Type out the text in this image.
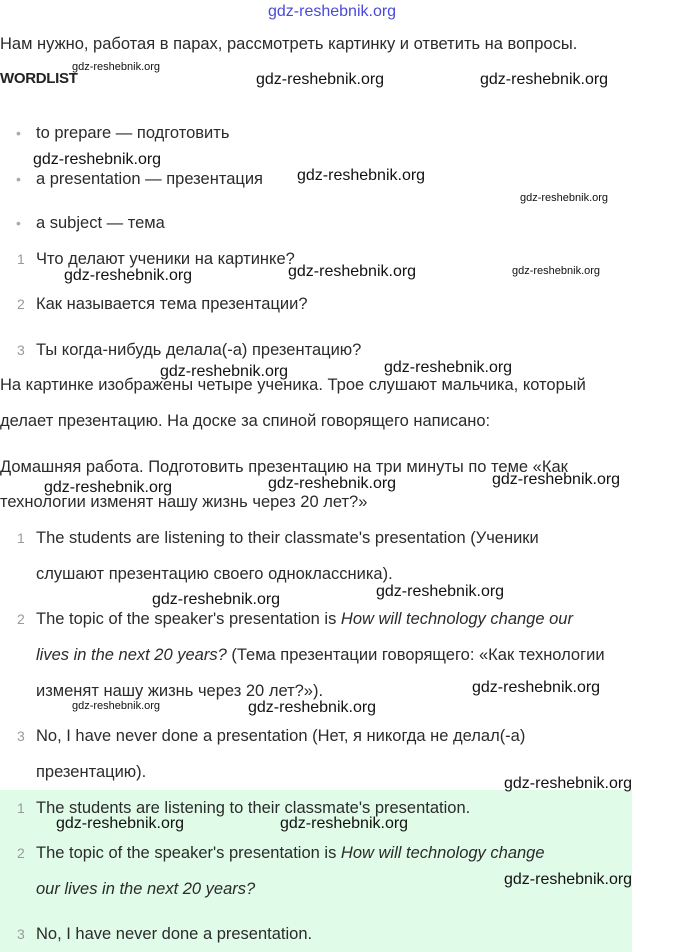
gdz-reshebnik.org
Нам нужно, работая в парах, рассмотреть картинку и ответить на вопросы.
WORDLIST
• to prepare — подготовить
• a presentation — презентация
• a subject — тема
1 Что делают ученики на картинке?
2 Как называется тема презентации?
3 Ты когда-нибудь делала(-а) презентацию?
На картинке изображены четыре ученика. Трое слушают мальчика, который
делает презентацию. На доске за спиной говорящего написано:
Домашняя работа. Подготовить презентацию на три минуты по теме «Как
технологии изменят нашу жизнь через 20 лет?»
1 The students are listening to their classmate's presentation (Ученики
слушают презентацию своего одноклассника).
2 The topic of the speaker's presentation is How will technology change our
lives in the next 20 years? (Тема презентации говорящего: «Как технологии
изменят нашу жизнь через 20 лет?»).
3 No, I have never done a presentation (Нет, я никогда не делал(-а)
презентацию).
1 The students are listening to their classmate's presentation.
2 The topic of the speaker's presentation is How will technology change
our lives in the next 20 years?
3 No, I have never done a presentation.
gdz-reshebnik.org
gdz-reshebnik.org	gdz-reshebnik.org
gdz-reshebnik.org
gdz-reshebnik.org
gdz-reshebnik.org
gdz-reshebnik.org	gdz-reshebnik.org	gdz-reshebnik.org
gdz-reshebnik.org	gdz-reshebnik.org
gdz-reshebnik.org	gdz-reshebnik.org	gdz-reshebnik.org
gdz-reshebnik.org	gdz-reshebnik.org
gdz-reshebnik.org
gdz-reshebnik.org	gdz-reshebnik.org
gdz-reshebnik.org
gdz-reshebnik.org	gdz-reshebnik.org
gdz-reshebnik.org
